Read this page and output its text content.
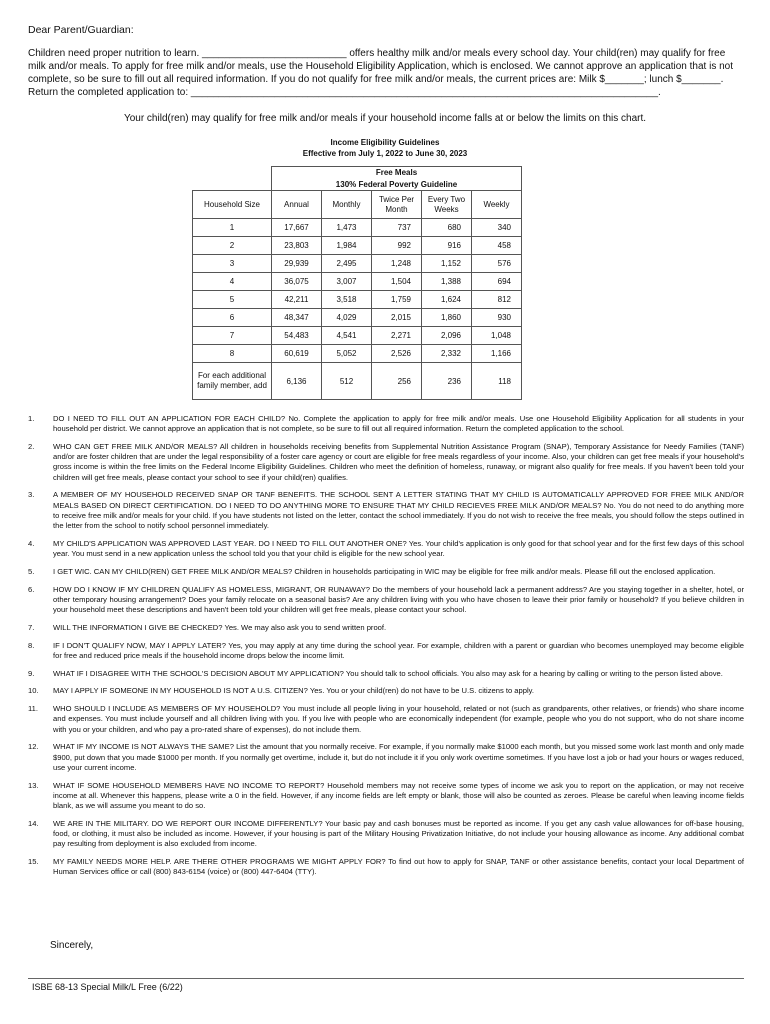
Dear Parent/Guardian:
Children need proper nutrition to learn. __________________________ offers healthy milk and/or meals every school day. Your child(ren) may qualify for free milk and/or meals. To apply for free milk and/or meals, use the Household Eligibility Application, which is enclosed. We cannot approve an application that is not complete, so be sure to fill out all required information. If you do not qualify for free milk and/or meals, the current prices are: Milk $_______; lunch $_______. Return the completed application to: ____________________________________________________________________________________.
Your child(ren) may qualify for free milk and/or meals if your household income falls at or below the limits on this chart.
Income Eligibility Guidelines
Effective from July 1, 2022 to June 30, 2023
	Free Meals				
	130% Federal Poverty Guideline				
Household Size	Annual	Monthly	Twice Per Month	Every Two Weeks	Weekly
1	17,667	1,473	737	680	340
2	23,803	1,984	992	916	458
3	29,939	2,495	1,248	1,152	576
4	36,075	3,007	1,504	1,388	694
5	42,211	3,518	1,759	1,624	812
6	48,347	4,029	2,015	1,860	930
7	54,483	4,541	2,271	2,096	1,048
8	60,619	5,052	2,526	2,332	1,166
For each additional family member, add	6,136	512	256	236	118
1.	DO I NEED TO FILL OUT AN APPLICATION FOR EACH CHILD? No. Complete the application to apply for free milk and/or meals. Use one Household Eligibility Application for all students in your household per district. We cannot approve an application that is not complete, so be sure to fill out all required information. Return the completed application to the school.
2.	WHO CAN GET FREE MILK AND/OR MEALS? All children in households receiving benefits from Supplemental Nutrition Assistance Program (SNAP), Temporary Assistance for Needy Families (TANF) and/or are foster children that are under the legal responsibility of a foster care agency or court are eligible for free meals regardless of your income. Also, your children can get free meals if your household's gross income is within the free limits on the Federal Income Eligibility Guidelines. Children who meet the definition of homeless, runaway, or migrant also qualify for free meals. If you haven't been told your children will get free meals, please contact your school to see if your child(ren) qualifies.
3.	A MEMBER OF MY HOUSEHOLD RECEIVED SNAP OR TANF BENEFITS. THE SCHOOL SENT A LETTER STATING THAT MY CHILD IS AUTOMATICALLY APPROVED FOR FREE MILK AND/OR MEALS BASED ON DIRECT CERTIFICATION. DO I NEED TO DO ANYTHING MORE TO ENSURE THAT MY CHILD RECIEVES FREE MILK AND/OR MEALS? No. You do not need to do anything more to receive free milk and/or meals for your child. If you have students not listed on the letter, contact the school immediately. If you do not wish to receive the free meals, you should follow the steps outlined in the letter from the school to notify school personnel immediately.
4.	MY CHILD'S APPLICATION WAS APPROVED LAST YEAR. DO I NEED TO FILL OUT ANOTHER ONE? Yes. Your child's application is only good for that school year and for the first few days of this school year. You must send in a new application unless the school told you that your child is eligible for the new school year.
5.	I GET WIC. CAN MY CHILD(REN) GET FREE MILK AND/OR MEALS? Children in households participating in WIC may be eligible for free milk and/or meals. Please fill out the enclosed application.
6.	HOW DO I KNOW IF MY CHILDREN QUALIFY AS HOMELESS, MIGRANT, OR RUNAWAY? Do the members of your household lack a permanent address? Are you staying together in a shelter, hotel, or other temporary housing arrangement? Does your family relocate on a seasonal basis? Are any children living with you who have chosen to leave their prior family or household? If you believe children in your household meet these descriptions and haven't been told your children will get free meals, please contact your school.
7.	WILL THE INFORMATION I GIVE BE CHECKED? Yes. We may also ask you to send written proof.
8.	IF I DON'T QUALIFY NOW, MAY I APPLY LATER? Yes, you may apply at any time during the school year. For example, children with a parent or guardian who becomes unemployed may become eligible for free and reduced price meals if the household income drops below the income limit.
9.	WHAT IF I DISAGREE WITH THE SCHOOL'S DECISION ABOUT MY APPLICATION? You should talk to school officials. You also may ask for a hearing by calling or writing to the person listed above.
10.	MAY I APPLY IF SOMEONE IN MY HOUSEHOLD IS NOT A U.S. CITIZEN? Yes. You or your child(ren) do not have to be U.S. citizens to apply.
11.	WHO SHOULD I INCLUDE AS MEMBERS OF MY HOUSEHOLD? You must include all people living in your household, related or not (such as grandparents, other relatives, or friends) who share income and expenses. You must include yourself and all children living with you. If you live with people who are economically independent (for example, people who you do not support, who do not share income with you or your children, and who pay a pro-rated share of expenses), do not include them.
12.	WHAT IF MY INCOME IS NOT ALWAYS THE SAME? List the amount that you normally receive. For example, if you normally make $1000 each month, but you missed some work last month and only made $900, put down that you made $1000 per month. If you normally get overtime, include it, but do not include it if you only work overtime sometimes. If you have lost a job or had your hours or wages reduced, use your current income.
13.	WHAT IF SOME HOUSEHOLD MEMBERS HAVE NO INCOME TO REPORT? Household members may not receive some types of income we ask you to report on the application, or may not receive income at all. Whenever this happens, please write a 0 in the field. However, if any income fields are left empty or blank, those will also be counted as zeroes. Please be careful when leaving income fields blank, as we will assume you meant to do so.
14.	WE ARE IN THE MILITARY. DO WE REPORT OUR INCOME DIFFERENTLY? Your basic pay and cash bonuses must be reported as income. If you get any cash value allowances for off-base housing, food, or clothing, it must also be included as income. However, if your housing is part of the Military Housing Privatization Initiative, do not include your housing allowance as income. Any additional combat pay resulting from deployment is also excluded from income.
15.	MY FAMILY NEEDS MORE HELP. ARE THERE OTHER PROGRAMS WE MIGHT APPLY FOR? To find out how to apply for SNAP, TANF or other assistance benefits, contact your local Department of Human Services office or call (800) 843-6154 (voice) or (800) 447-6404 (TTY).
Sincerely,
ISBE 68-13 Special Milk/L Free (6/22)
